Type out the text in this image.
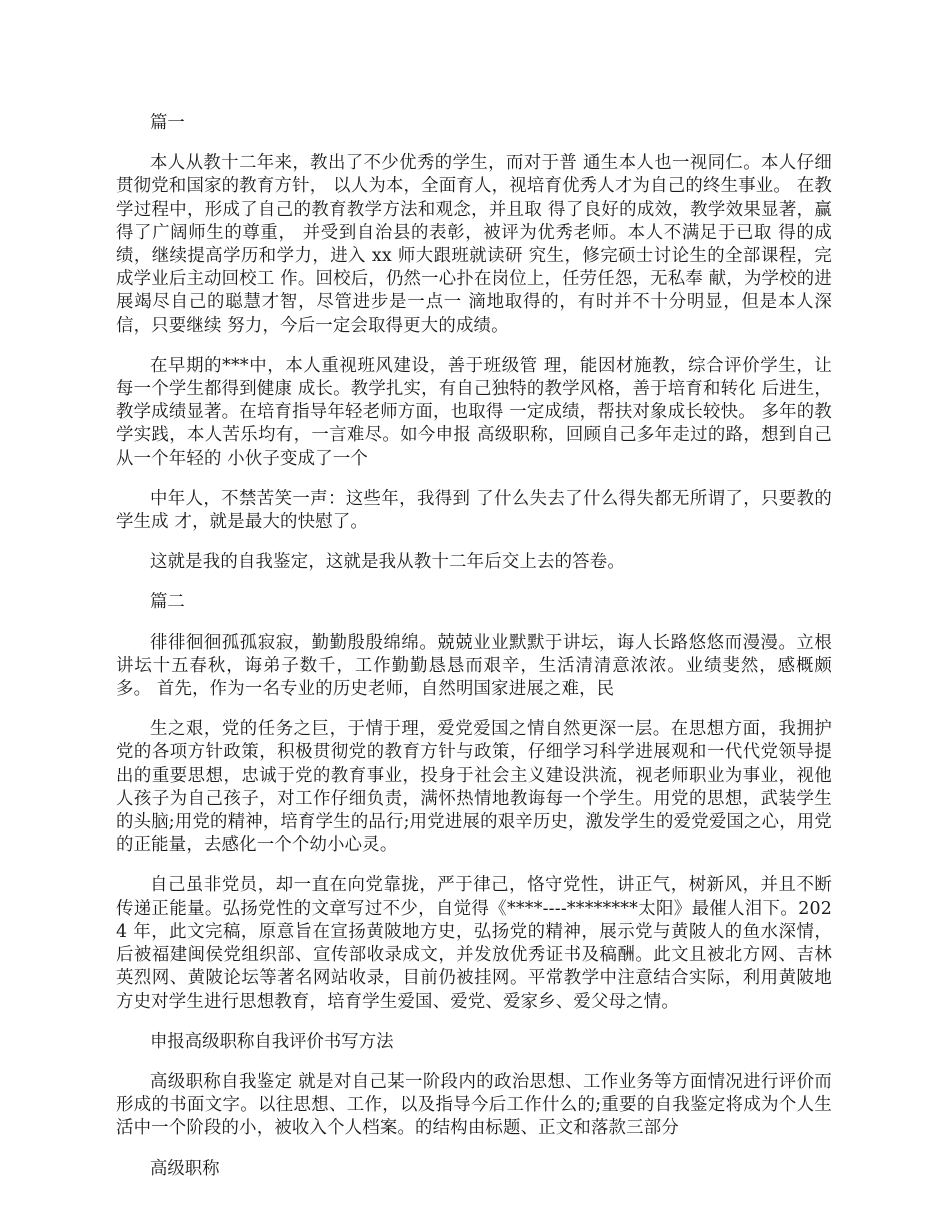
篇一

本人从教十二年来，教出了不少优秀的学生，而对于普 通生本人也一视同仁。本人仔细贯彻党和国家的教育方针， 以人为本，全面育人，视培育优秀人才为自己的终生事业。 在教学过程中，形成了自己的教育教学方法和观念，并且取 得了良好的成效，教学效果显著，赢得了广阔师生的尊重， 并受到自治县的表彰，被评为优秀老师。本人不满足于已取 得的成绩，继续提高学历和学力，进入 xx 师大跟班就读研 究生，修完硕士讨论生的全部课程，完成学业后主动回校工 作。回校后，仍然一心扑在岗位上，任劳任怨，无私奉 献，为学校的进展竭尽自己的聪慧才智，尽管进步是一点一 滴地取得的，有时并不十分明显，但是本人深信，只要继续 努力，今后一定会取得更大的成绩。

在早期的***中，本人重视班风建设，善于班级管 理，能因材施教，综合评价学生，让每一个学生都得到健康 成长。教学扎实，有自己独特的教学风格，善于培育和转化 后进生，教学成绩显著。在培育指导年轻老师方面，也取得 一定成绩，帮扶对象成长较快。 多年的教学实践，本人苦乐均有，一言难尽。如今申报 高级职称，回顾自己多年走过的路，想到自己从一个年轻的 小伙子变成了一个

中年人，不禁苦笑一声：这些年，我得到 了什么失去了什么得失都无所谓了，只要教的学生成 才，就是最大的快慰了。

这就是我的自我鉴定，这就是我从教十二年后交上去的答卷。

篇二

徘徘徊徊孤孤寂寂，勤勤殷殷绵绵。兢兢业业默默于讲坛，诲人长路悠悠而漫漫。立根讲坛十五春秋，诲弟子数千，工作勤勤恳恳而艰辛，生活清清意浓浓。业绩斐然，感概颇多。 首先，作为一名专业的历史老师，自然明国家进展之难，民

生之艰，党的任务之巨，于情于理，爱党爱国之情自然更深一层。在思想方面，我拥护党的各项方针政策，积极贯彻党的教育方针与政策，仔细学习科学进展观和一代代党领导提出的重要思想，忠诚于党的教育事业，投身于社会主义建设洪流，视老师职业为事业，视他人孩子为自己孩子，对工作仔细负责，满怀热情地教诲每一个学生。用党的思想，武装学生的头脑;用党的精神，培育学生的品行;用党进展的艰辛历史，激发学生的爱党爱国之心，用党的正能量，去感化一个个幼小心灵。

自己虽非党员，却一直在向党靠拢，严于律己，恪守党性，讲正气，树新风，并且不断传递正能量。弘扬党性的文章写过不少，自觉得《****----********太阳》最催人泪下。2024 年，此文完稿，原意旨在宣扬黄陂地方史，弘扬党的精神，展示党与黄陂人的鱼水深情，后被福建闽侯党组织部、宣传部收录成文，并发放优秀证书及稿酬。此文且被北方网、吉林英烈网、黄陂论坛等著名网站收录，目前仍被挂网。平常教学中注意结合实际，利用黄陂地方史对学生进行思想教育，培育学生爱国、爱党、爱家乡、爱父母之情。

申报高级职称自我评价书写方法

高级职称自我鉴定 就是对自己某一阶段内的政治思想、工作业务等方面情况进行评价而形成的书面文字。以往思想、工作，以及指导今后工作什么的;重要的自我鉴定将成为个人生活中一个阶段的小，被收入个人档案。的结构由标题、正文和落款三部分

高级职称
